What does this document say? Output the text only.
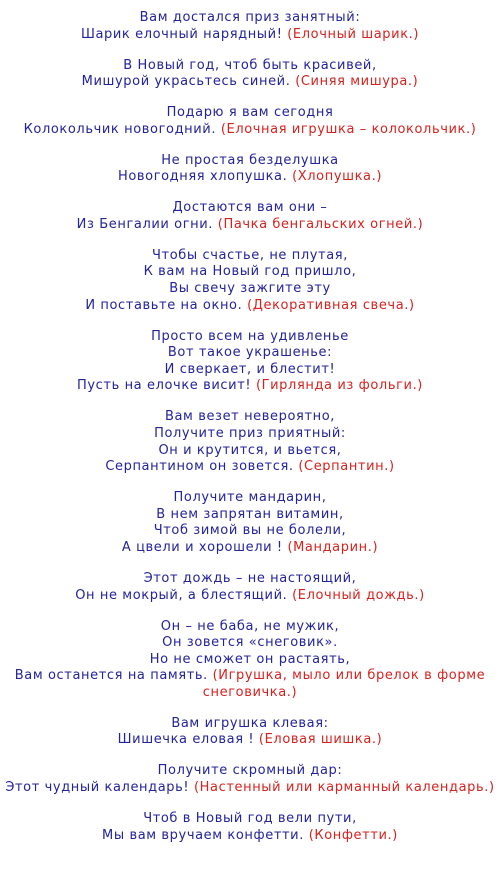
Вам достался приз занятный:
Шарик елочный нарядный! (Елочный шарик.)
В Новый год, чтоб быть красивей,
Мишурой украсьтесь синей. (Синяя мишура.)
Подарю я вам сегодня
Колокольчик новогодний. (Елочная игрушка – колокольчик.)
Не простая безделушка
Новогодняя хлопушка. (Хлопушка.)
Достаются вам они –
Из Бенгалии огни. (Пачка бенгальских огней.)
Чтобы счастье, не плутая,
К вам на Новый год пришло,
Вы свечу зажгите эту
И поставьте на окно. (Декоративная свеча.)
Просто всем на удивленье
Вот такое украшенье:
И сверкает, и блестит!
Пусть на елочке висит! (Гирлянда из фольги.)
Вам везет невероятно,
Получите приз приятный:
Он и крутится, и вьется,
Серпантином он зовется. (Серпантин.)
Получите мандарин,
В нем запрятан витамин,
Чтоб зимой вы не болели,
А цвели и хорошели ! (Мандарин.)
Этот дождь – не настоящий,
Он не мокрый, а блестящий. (Елочный дождь.)
Он – не баба, не мужик,
Он зовется «снеговик».
Но не сможет он растаять,
Вам останется на память. (Игрушка, мыло или брелок в форме снеговичка.)
Вам игрушка клевая:
Шишечка еловая ! (Еловая шишка.)
Получите скромный дар:
Этот чудный календарь! (Настенный или карманный календарь.)
Чтоб в Новый год вели пути,
Мы вам вручаем конфетти. (Конфетти.)
